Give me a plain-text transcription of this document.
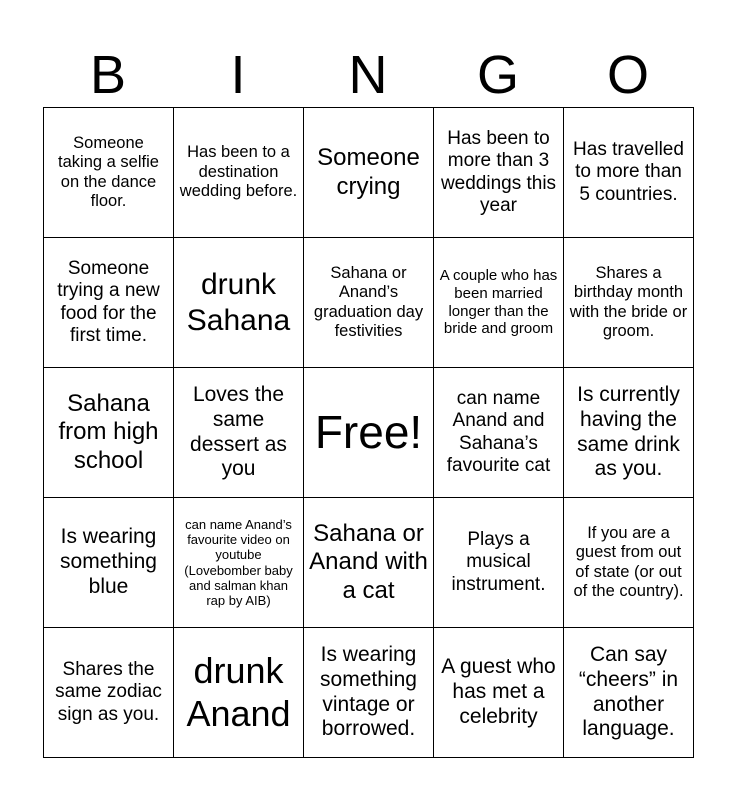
B	I	N	G	O
Someone taking a selfie on the dance floor.
Has been to a destination wedding before.
Someone crying
Has been to more than 3 weddings this year
Has travelled to more than 5 countries.
Someone trying a new food for the first time.
drunk Sahana
Sahana or Anand’s graduation day festivities
A couple who has been married longer than the bride and groom
Shares a birthday month with the bride or groom.
Sahana from high school
Loves the same dessert as you
Free!
can name Anand and Sahana’s favourite cat
Is currently having the same drink as you.
Is wearing something blue
can name Anand’s favourite video on youtube (Lovebomber baby and salman khan rap by AIB)
Sahana or Anand with a cat
Plays a musical instrument.
If you are a guest from out of state (or out of the country).
Shares the same zodiac sign as you.
drunk Anand
Is wearing something vintage or borrowed.
A guest who has met a celebrity
Can say “cheers” in another language.
